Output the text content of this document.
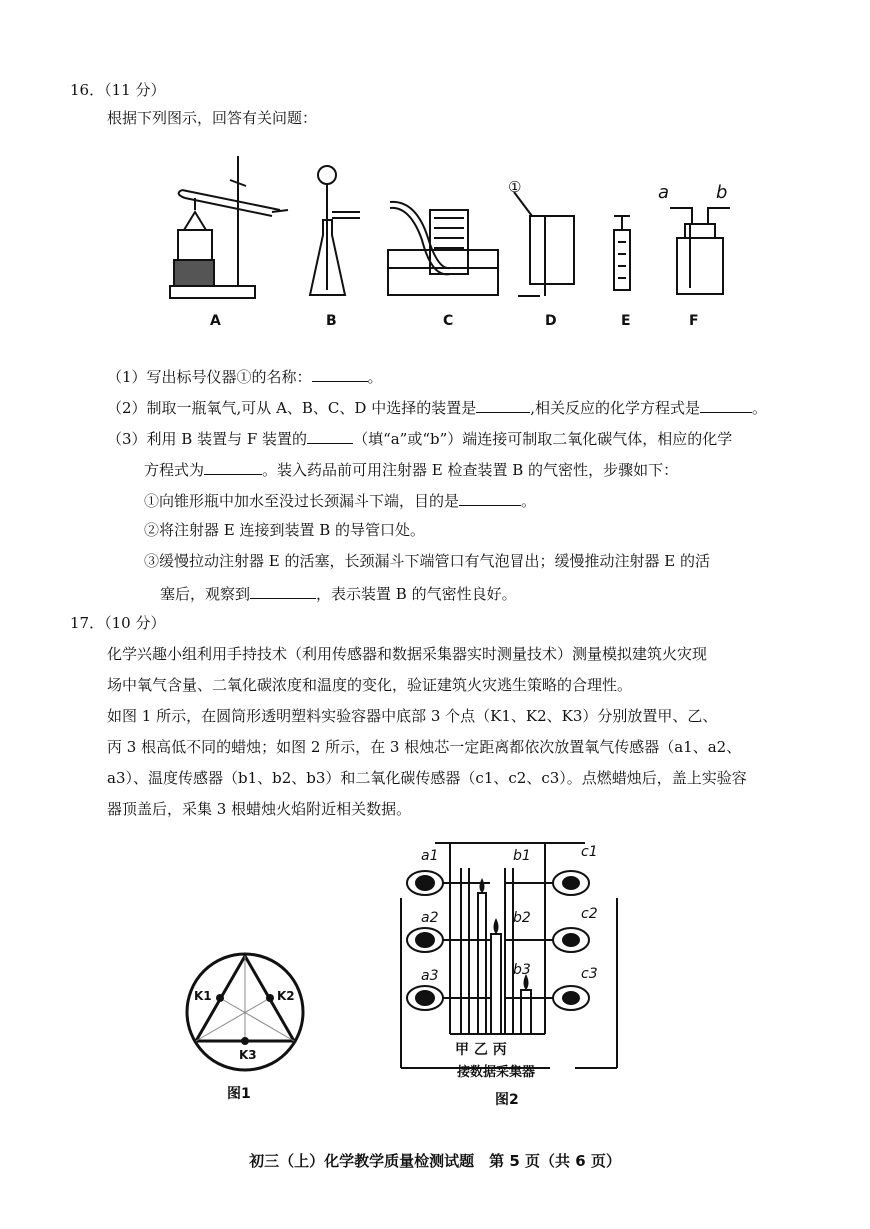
16．（11 分）
根据下列图示，回答有关问题：
①	a	b
A	B	C	D	E	F
（1）写出标号仪器①的名称：	。
（2）制取一瓶氧气,可从 A、B、C、D 中选择的装置是	,相关反应的化学方程式是	。
（3）利用 B 装置与 F 装置的	（填“a”或“b”）端连接可制取二氧化碳气体，相应的化学
方程式为	。装入药品前可用注射器 E 检查装置 B 的气密性，步骤如下：
①向锥形瓶中加水至没过长颈漏斗下端，目的是	。
②将注射器 E 连接到装置 B 的导管口处。
③缓慢拉动注射器 E 的活塞，长颈漏斗下端管口有气泡冒出；缓慢推动注射器 E 的活
塞后，观察到	，表示装置 B 的气密性良好。
17．（10 分）
化学兴趣小组利用手持技术（利用传感器和数据采集器实时测量技术）测量模拟建筑火灾现
场中氧气含量、二氧化碳浓度和温度的变化，验证建筑火灾逃生策略的合理性。
如图 1 所示，在圆筒形透明塑料实验容器中底部 3 个点（K1、K2、K3）分别放置甲、乙、
丙 3 根高低不同的蜡烛；如图 2 所示，在 3 根烛芯一定距离都依次放置氧气传感器（a1、a2、
a3）、温度传感器（b1、b2、b3）和二氧化碳传感器（c1、c2、c3）。点燃蜡烛后，盖上实验容
器顶盖后，采集 3 根蜡烛火焰附近相关数据。
K1	K2
K3
图1
a1
a2
a3
b1
b2
b3
c1
c2
c3
甲 乙 丙
接数据采集器
图2
初三（上）化学教学质量检测试题　第 5 页（共 6 页）
